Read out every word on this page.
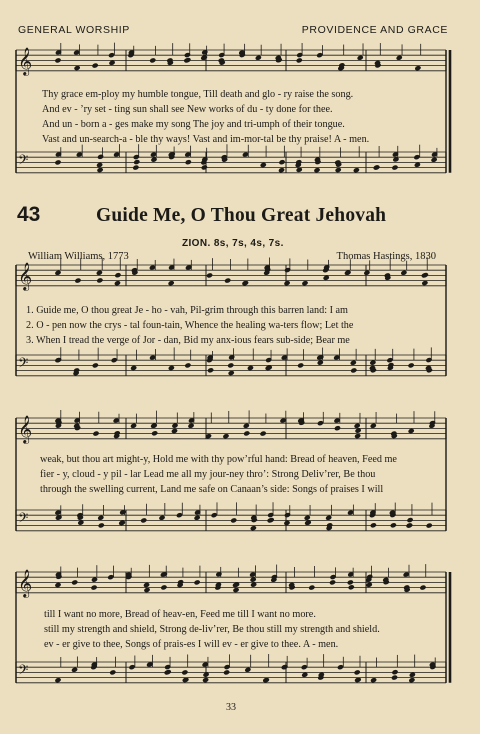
GENERAL WORSHIP	PROVIDENCE AND GRACE
𝄞
𝄢
𝄞
𝄢
𝄞
𝄢
𝄞
𝄢
Thy grace em-ploy my humble tongue, Till death and glo - ry raise the song.
And ev - ’ry set - ting sun shall see New works of du - ty done for thee.
And un - born a - ges make my song The joy and tri-umph of their tongue.
Vast and un-search-a - ble thy ways! Vast and im-mor-tal be thy praise! A - men.
43	Guide Me, O Thou Great Jehovah
ZION. 8s, 7s, 4s, 7s.
William Williams, 1773	Thomas Hastings, 1830
1. Guide me, O thou great Je - ho - vah, Pil-grim through this barren land: I am
2. O - pen now the crys - tal foun-tain, Whence the healing wa-ters flow; Let the
3. When I tread the verge of Jor - dan, Bid my anx-ious fears sub-side; Bear me
weak, but thou art might-y, Hold me with thy pow’rful hand: Bread of heaven, Feed me
fier - y, cloud - y pil - lar Lead me all my jour-ney thro’: Strong Deliv’rer, Be thou
through the swelling current, Land me safe on Canaan’s side: Songs of praises I will
till I want no more, Bread of heav-en, Feed me till I want no more.
still my strength and shield, Strong de-liv’rer, Be thou still my strength and shield.
ev - er give to thee, Songs of prais-es I will ev - er give to thee. A - men.
33
